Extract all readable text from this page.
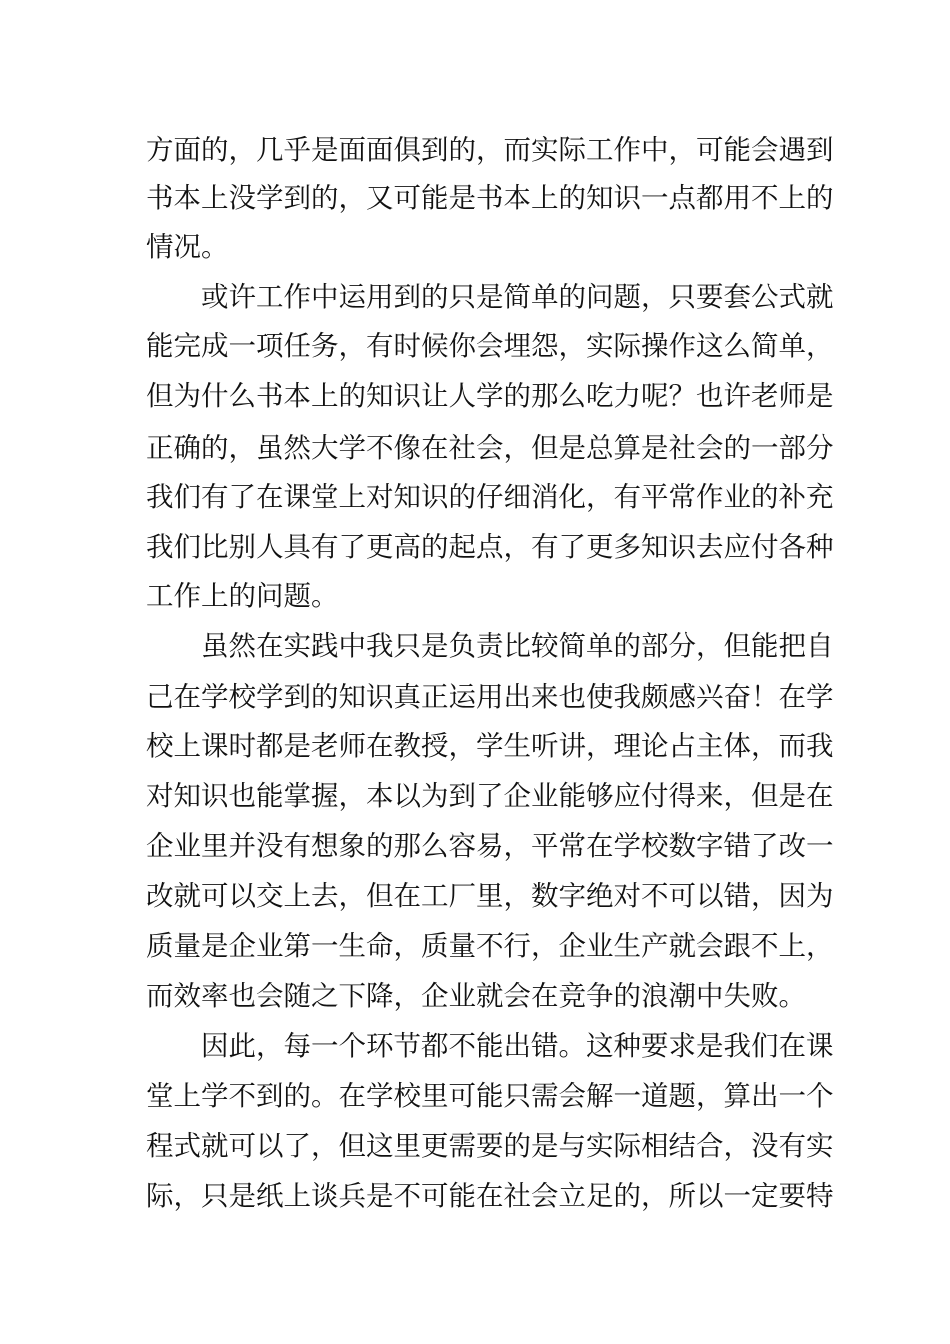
方面的，几乎是面面俱到的，而实际工作中，可能会遇到
书本上没学到的，又可能是书本上的知识一点都用不上的
情况。
或许工作中运用到的只是简单的问题，只要套公式就
能完成一项任务，有时候你会埋怨，实际操作这么简单，
但为什么书本上的知识让人学的那么吃力呢？也许老师是
正确的，虽然大学不像在社会，但是总算是社会的一部分
我们有了在课堂上对知识的仔细消化，有平常作业的补充
我们比别人具有了更高的起点，有了更多知识去应付各种
工作上的问题。
虽然在实践中我只是负责比较简单的部分，但能把自
己在学校学到的知识真正运用出来也使我颇感兴奋！在学
校上课时都是老师在教授，学生听讲，理论占主体，而我
对知识也能掌握，本以为到了企业能够应付得来，但是在
企业里并没有想象的那么容易，平常在学校数字错了改一
改就可以交上去，但在工厂里，数字绝对不可以错，因为
质量是企业第一生命，质量不行，企业生产就会跟不上，
而效率也会随之下降，企业就会在竞争的浪潮中失败。
因此，每一个环节都不能出错。这种要求是我们在课
堂上学不到的。在学校里可能只需会解一道题，算出一个
程式就可以了，但这里更需要的是与实际相结合，没有实
际，只是纸上谈兵是不可能在社会立足的，所以一定要特
